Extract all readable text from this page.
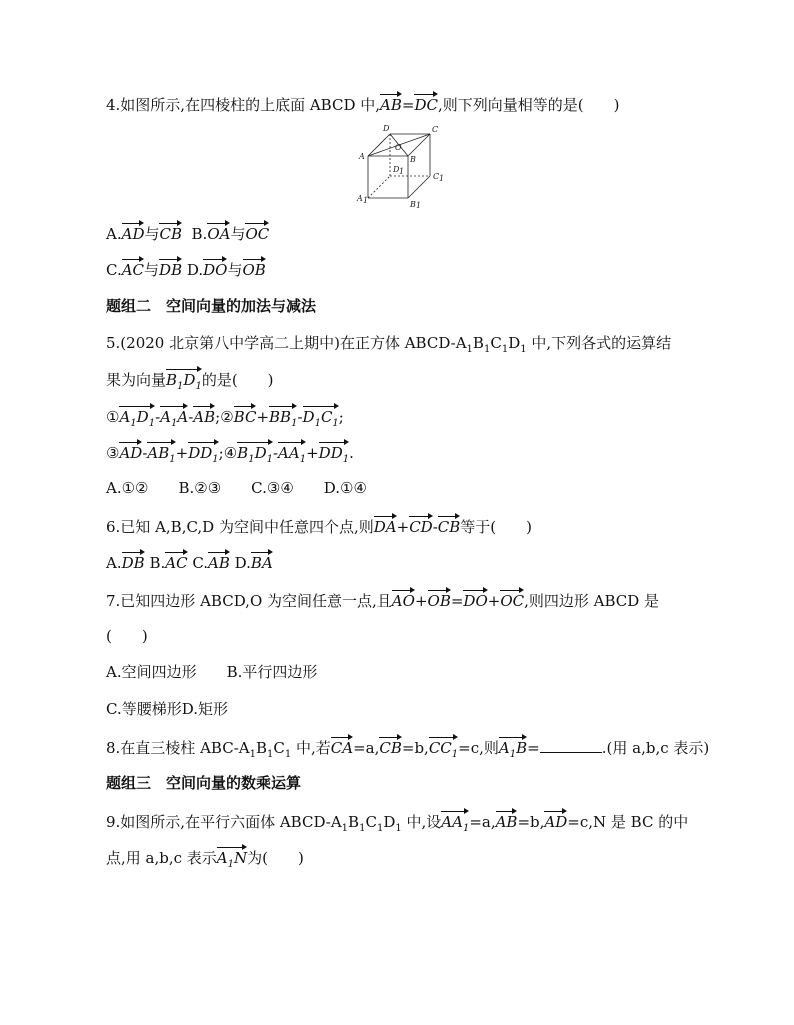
4.如图所示,在四棱柱的上底面 ABCD 中,AB=DC,则下列向量相等的是(　　)
D	C
A	B
O
D 1
C 1
A 1	B 1
A.AD与CB B.OA与OC
C.AC与DB D.DO与OB
题组二　空间向量的加法与减法
5.(2020 北京第八中学高二上期中)在正方体 ABCD-$A_1B_1C_1D_1$ 中,下列各式的运算结
果为向量$B_1D_1$的是(　　)
$①A_1D_1-A_1A-AB;②BC+BB_1-D_1C_1$;
③AD-$AB_1+DD_1;④B_1D_1-AA_1+DD_1$.
A.①②　　B.②③　　C.③④　　D.①④
6.已知 A,B,C,D 为空间中任意四个点,则DA+CD-CB等于(　　)
A.DB B.AC C.AB D.BA
7.已知四边形 ABCD,O 为空间任意一点,且AO+OB=DO+OC,则四边形 ABCD 是
(　　)
A.空间四边形　　B.平行四边形
C.等腰梯形D.矩形
8.在直三棱柱 ABC-$A_1B_1C_1$ 中,若$CA=a,CB=b,CC_1=c$,则$A_1B=$	.(用 a,b,c 表示)
题组三　空间向量的数乘运算
9.如图所示,在平行六面体 ABCD-$A_1B_1C_1D_1$ 中,设$AA_1=a,AB=b,AD=c,N$ 是 BC 的中
点,用 a,b,c 表示$A_1N$为(　　)
